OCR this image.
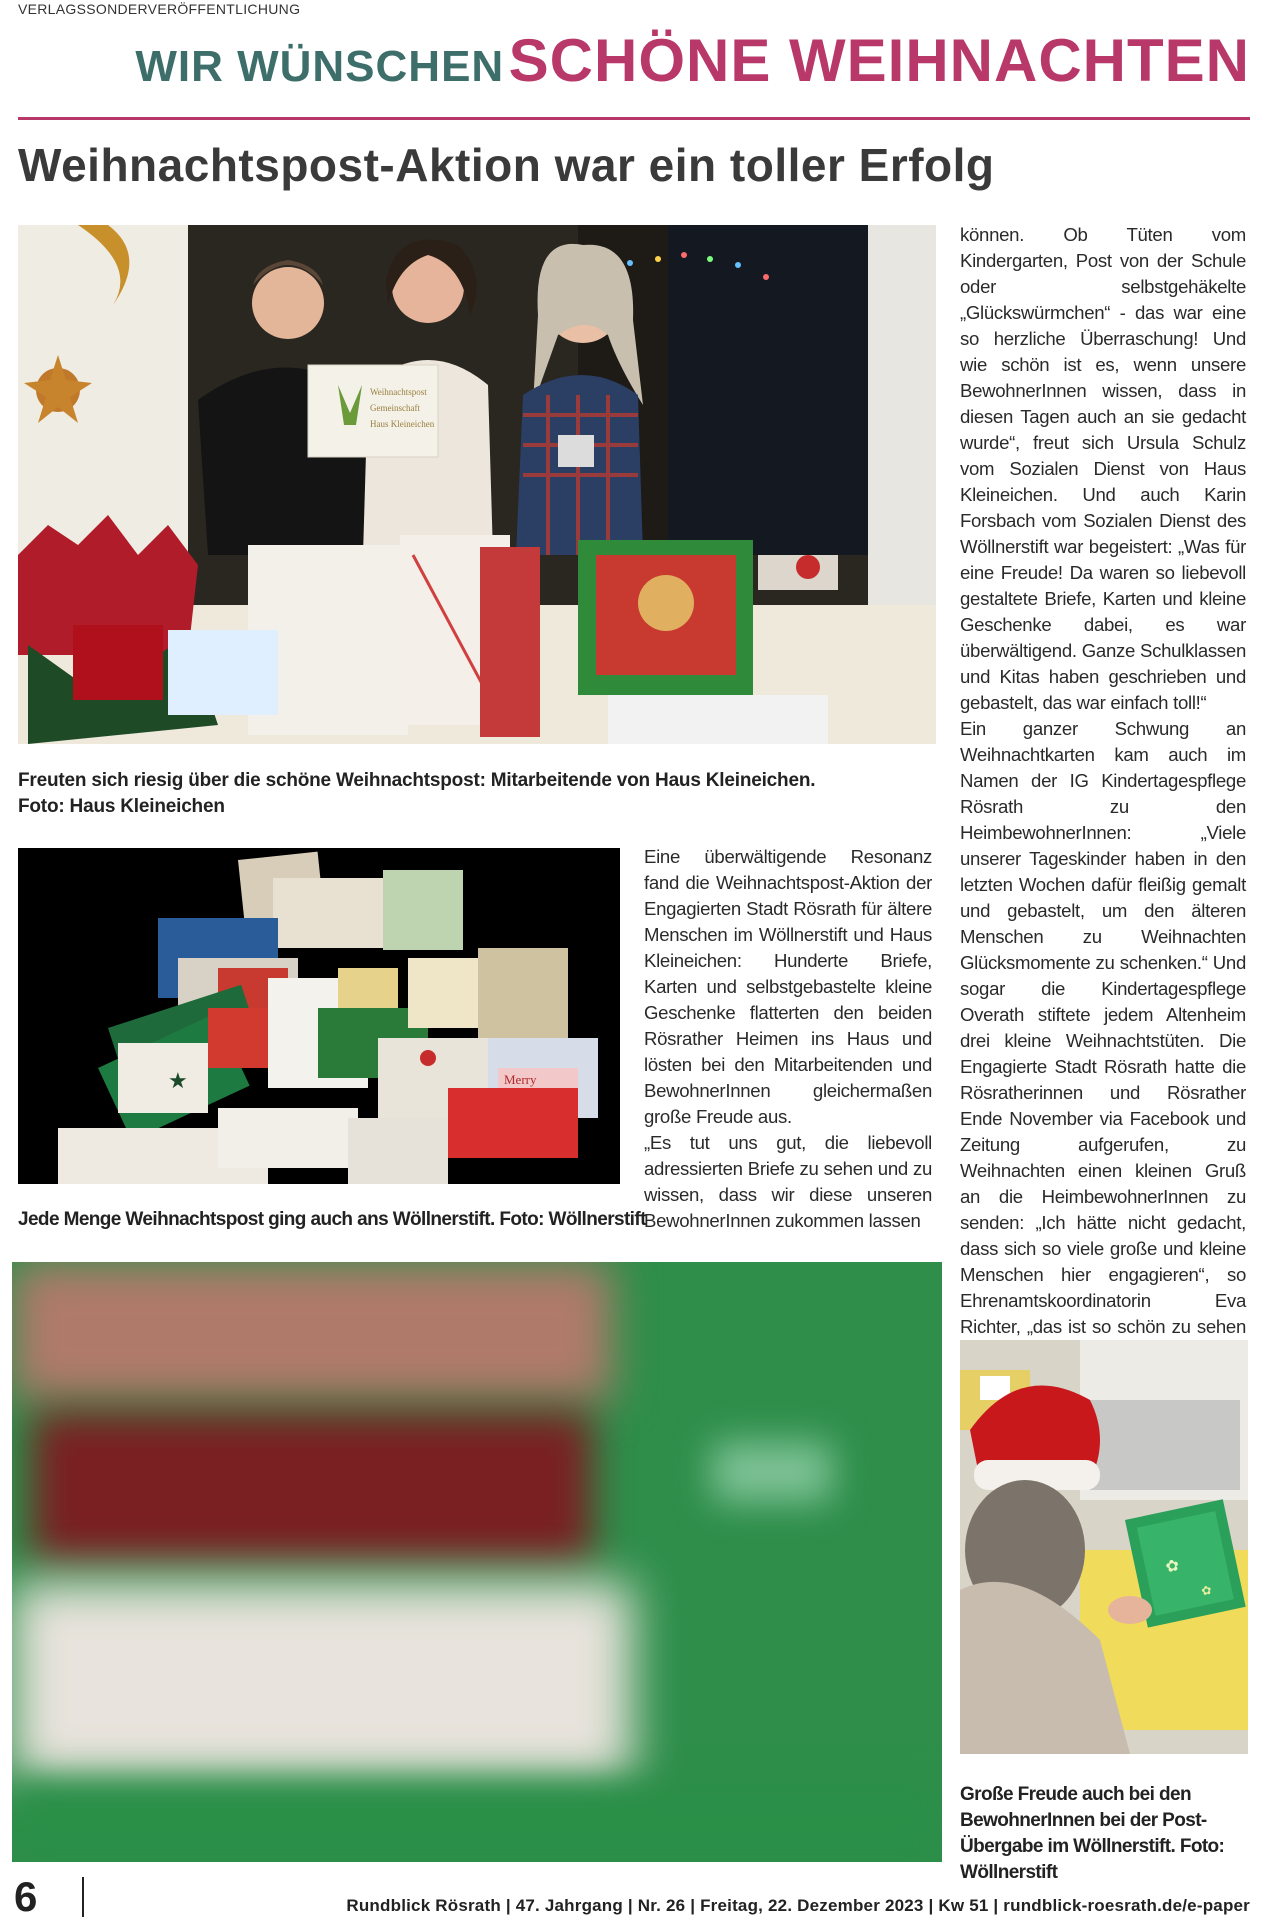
VERLAGSSONDERVERÖFFENTLICHUNG
WIR WÜNSCHEN SCHÖNE WEIHNACHTEN
Weihnachtspost-Aktion war ein toller Erfolg
Weihnachtspost
Gemeinschaft
Haus Kleineichen
Freuten sich riesig über die schöne Weihnachtspost: Mitarbeitende von Haus Kleineichen. Foto: Haus Kleineichen
★	Merry
Jede Menge Weihnachtspost ging auch ans Wöllnerstift. Foto: Wöllnerstift

Eine überwältigende Resonanz fand die Weihnachtspost-Aktion der Engagierten Stadt Rösrath für ältere Menschen im Wöllnerstift und Haus Kleineichen: Hunderte Briefe, Karten und selbstgebastelte kleine Geschenke flatterten den beiden Rösrather Heimen ins Haus und lösten bei den Mitarbeitenden und BewohnerInnen gleichermaßen große Freude aus.

„Es tut uns gut, die liebevoll adressierten Briefe zu sehen und zu wissen, dass wir diese unseren BewohnerInnen zukommen lassen

können. Ob Tüten vom Kindergarten, Post von der Schule oder selbstgehäkelte „Glückswürmchen“ - das war eine so herzliche Überraschung! Und wie schön ist es, wenn unsere BewohnerInnen wissen, dass in diesen Tagen auch an sie gedacht wurde“, freut sich Ursula Schulz vom Sozialen Dienst von Haus Kleineichen. Und auch Karin Forsbach vom Sozialen Dienst des Wöllnerstift war begeistert: „Was für eine Freude! Da waren so liebevoll gestaltete Briefe, Karten und kleine Geschenke dabei, es war überwältigend. Ganze Schulklassen und Kitas haben geschrieben und gebastelt, das war einfach toll!“

Ein ganzer Schwung an Weihnachtkarten kam auch im Namen der IG Kindertagespflege Rösrath zu den HeimbewohnerInnen: „Viele unserer Tageskinder haben in den letzten Wochen dafür fleißig gemalt und gebastelt, um den älteren Menschen zu Weihnachten Glücksmomente zu schenken.“ Und sogar die Kindertagespflege Overath stiftete jedem Altenheim drei kleine Weihnachtstüten. Die Engagierte Stadt Rösrath hatte die Rösratherinnen und Rösrather Ende November via Facebook und Zeitung aufgerufen, zu Weihnachten einen kleinen Gruß an die HeimbewohnerInnen zu senden: „Ich hätte nicht gedacht, dass sich so viele große und kleine Menschen hier engagieren“, so Ehrenamtskoordinatorin Eva Richter, „das ist so schön zu sehen

✿
✿
Große Freude auch bei den BewohnerInnen bei der Post-Übergabe im Wöllnerstift. Foto: Wöllnerstift
6	Rundblick Rösrath | 47. Jahrgang | Nr. 26 | Freitag, 22. Dezember 2023 | Kw 51 | rundblick-roesrath.de/e-paper
